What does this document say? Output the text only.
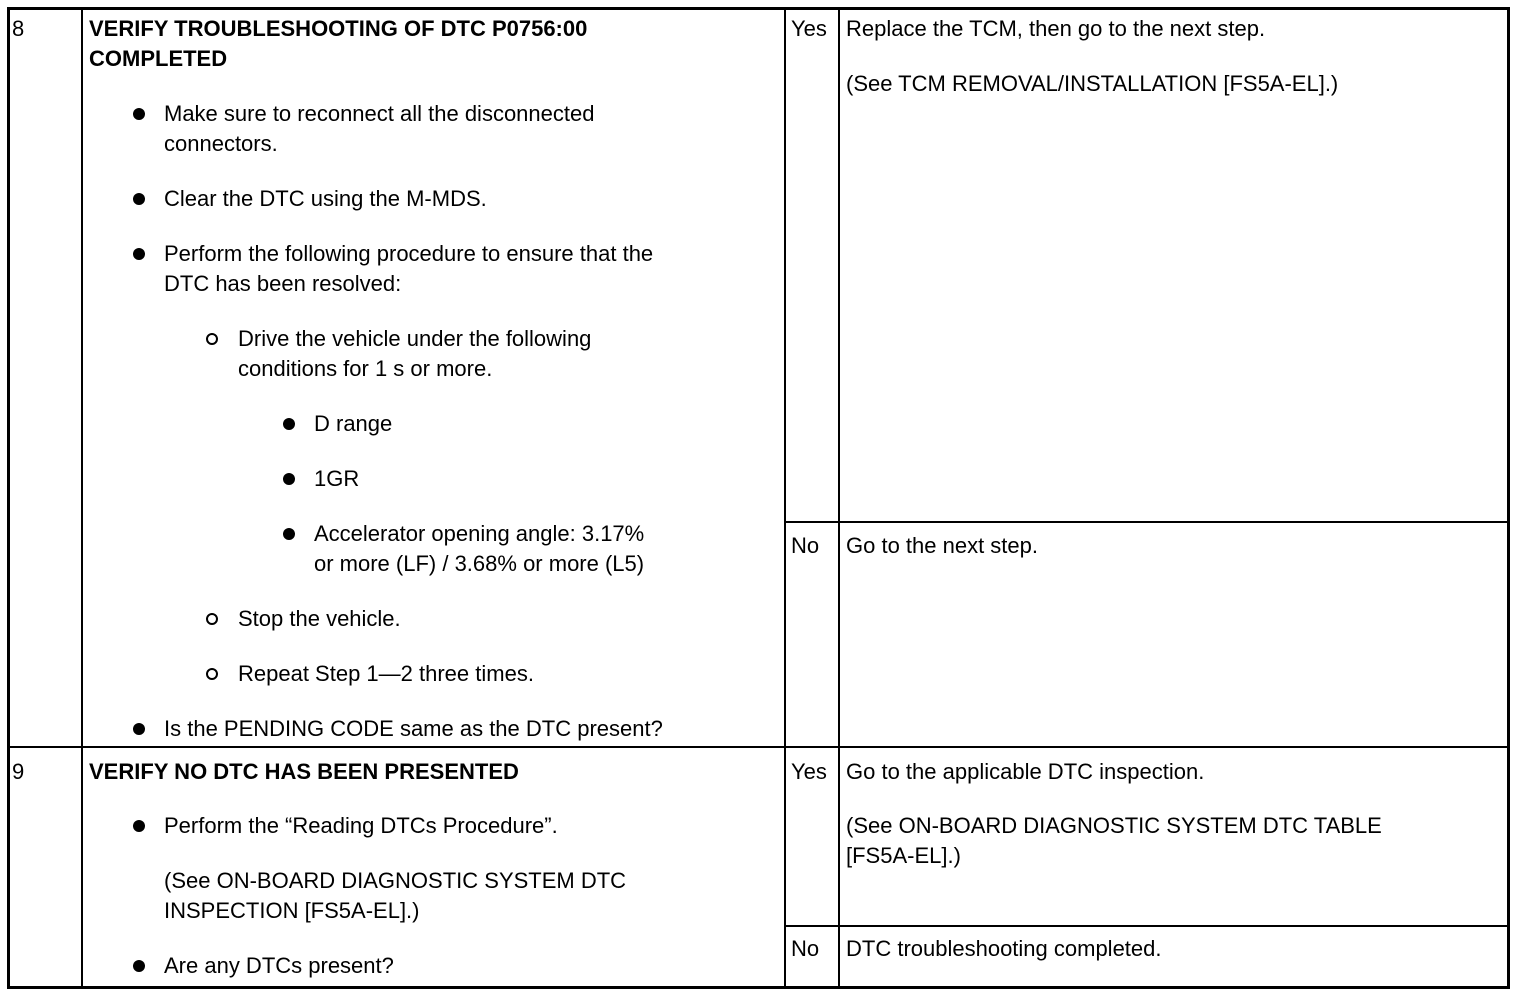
8	VERIFY TROUBLESHOOTING OF DTC P0756:00
COMPLETED
Make sure to reconnect all the disconnected
connectors.
Clear the DTC using the M-MDS.
Perform the following procedure to ensure that the
DTC has been resolved:
Drive the vehicle under the following
conditions for 1 s or more.
D range
1GR
Accelerator opening angle: 3.17%
or more (LF) / 3.68% or more (L5)
Stop the vehicle.
Repeat Step 1—2 three times.
Is the PENDING CODE same as the DTC present?
Yes Replace the TCM, then go to the next step.
(See TCM REMOVAL/INSTALLATION [FS5A-EL].)
No Go to the next step.
9	VERIFY NO DTC HAS BEEN PRESENTED
Perform the “Reading DTCs Procedure”.
(See ON-BOARD DIAGNOSTIC SYSTEM DTC
INSPECTION [FS5A-EL].)
Are any DTCs present?
Yes Go to the applicable DTC inspection.
(See ON-BOARD DIAGNOSTIC SYSTEM DTC TABLE
[FS5A-EL].)
No DTC troubleshooting completed.
